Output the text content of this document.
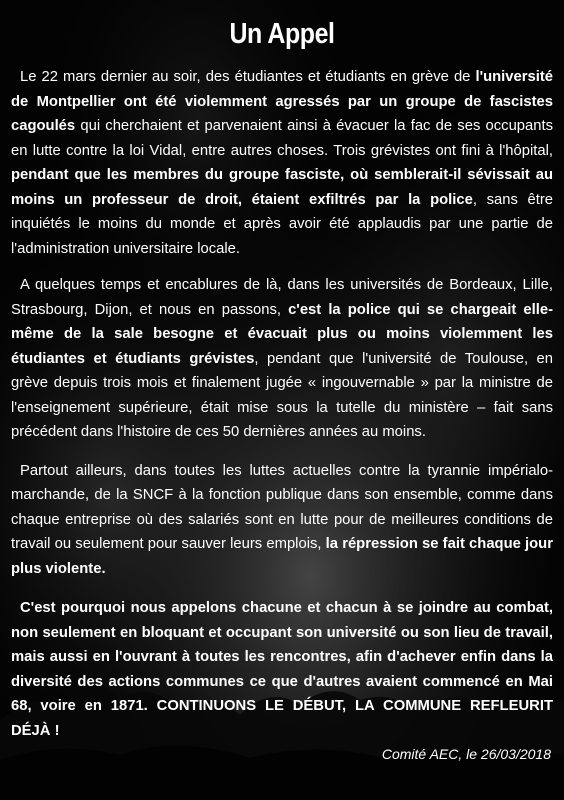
Un Appel

Le 22 mars dernier au soir, des étudiantes et étudiants en grève de l'université de Montpellier ont été violemment agressés par un groupe de fascistes cagoulés qui cherchaient et parvenaient ainsi à évacuer la fac de ses occupants en lutte contre la loi Vidal, entre autres choses. Trois grévistes ont fini à l'hôpital, pendant que les membres du groupe fasciste, où semblerait-il sévissait au moins un professeur de droit, étaient exfiltrés par la police, sans être inquiétés le moins du monde et après avoir été applaudis par une partie de l'administration universitaire locale.

A quelques temps et encablures de là, dans les universités de Bordeaux, Lille, Strasbourg, Dijon, et nous en passons, c'est la police qui se chargeait elle-même de la sale besogne et évacuait plus ou moins violemment les étudiantes et étudiants grévistes, pendant que l'université de Toulouse, en grève depuis trois mois et finalement jugée « ingouvernable » par la ministre de l'enseignement supérieure, était mise sous la tutelle du ministère – fait sans précédent dans l'histoire de ces 50 dernières années au moins.

Partout ailleurs, dans toutes les luttes actuelles contre la tyrannie impérialo-marchande, de la SNCF à la fonction publique dans son ensemble, comme dans chaque entreprise où des salariés sont en lutte pour de meilleures conditions de travail ou seulement pour sauver leurs emplois, la répression se fait chaque jour plus violente.

C'est pourquoi nous appelons chacune et chacun à se joindre au combat, non seulement en bloquant et occupant son université ou son lieu de travail, mais aussi en l'ouvrant à toutes les rencontres, afin d'achever enfin dans la diversité des actions communes ce que d'autres avaient commencé en Mai 68, voire en 1871. CONTINUONS LE DÉBUT, LA COMMUNE REFLEURIT DÉJÀ !

Comité AEC, le 26/03/2018
